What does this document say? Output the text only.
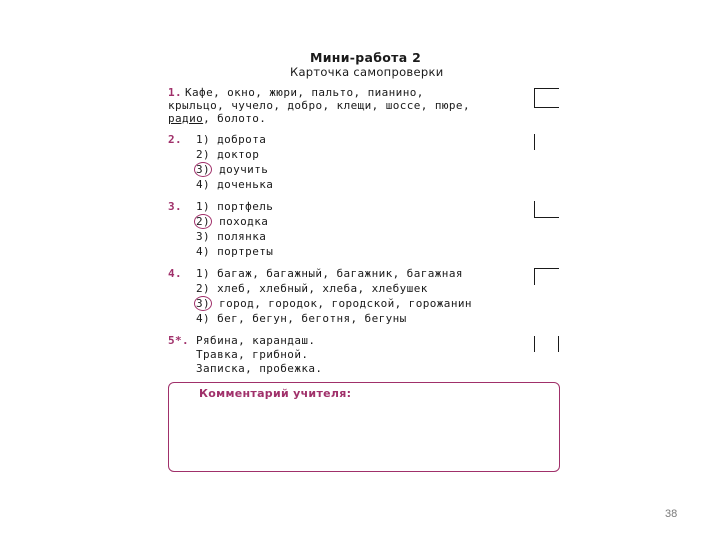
Мини-работа 2
Карточка самопроверки
1. Кафе, окно, жюри, пальто, пианино,
крыльцо, чучело, добро, клещи, шоссе, пюре,
радио, болото.
2. 1) доброта
2) доктор
3) доучить
4) доченька
3. 1) портфель
2) походка
3) полянка
4) портреты
4. 1) багаж, багажный, багажник, багажная
2) хлеб, хлебный, хлеба, хлебушек
3) город, городок, городской, горожанин
4) бег, бегун, беготня, бегуны
5*. Рябина, карандаш.
Травка, грибной.
Записка, пробежка.
Комментарий учителя:
38
